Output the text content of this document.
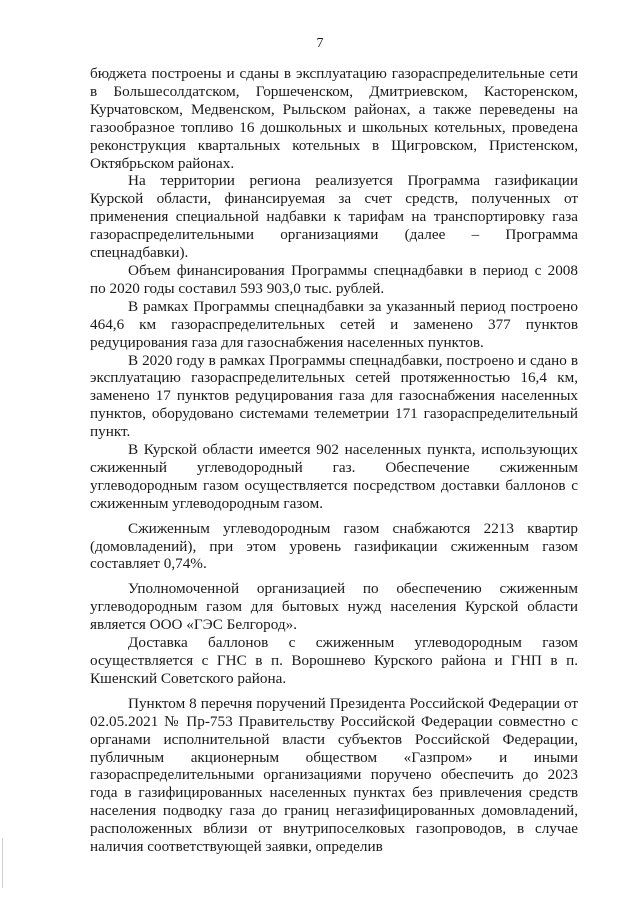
7

бюджета построены и сданы в эксплуатацию газораспределительные сети в Большесолдатском, Горшеченском, Дмитриевском, Касторенском, Курчатовском, Медвенском, Рыльском районах, а также переведены на газообразное топливо 16 дошкольных и школьных котельных, проведена реконструкция квартальных котельных в Щигровском, Пристенском, Октябрьском районах.

На территории региона реализуется Программа газификации Курской области, финансируемая за счет средств, полученных от применения специальной надбавки к тарифам на транспортировку газа газораспределительными организациями (далее – Программа спецнадбавки).

Объем финансирования Программы спецнадбавки в период с 2008 по 2020 годы составил 593 903,0 тыс. рублей.

В рамках Программы спецнадбавки за указанный период построено 464,6 км газораспределительных сетей и заменено 377 пунктов редуцирования газа для газоснабжения населенных пунктов.

В 2020 году в рамках Программы спецнадбавки, построено и сдано в эксплуатацию газораспределительных сетей протяженностью 16,4 км, заменено 17 пунктов редуцирования газа для газоснабжения населенных пунктов, оборудовано системами телеметрии 171 газораспределительный пункт.

В Курской области имеется 902 населенных пункта, использующих сжиженный углеводородный газ. Обеспечение сжиженным углеводородным газом осуществляется посредством доставки баллонов с сжиженным углеводородным газом.

Сжиженным углеводородным газом снабжаются 2213 квартир (домовладений), при этом уровень газификации сжиженным газом составляет 0,74%.

Уполномоченной организацией по обеспечению сжиженным углеводородным газом для бытовых нужд населения Курской области является ООО «ГЭС Белгород».

Доставка баллонов с сжиженным углеводородным газом осуществляется с ГНС в п. Ворошнево Курского района и ГНП в п. Кшенский Советского района.

Пунктом 8 перечня поручений Президента Российской Федерации от 02.05.2021 № Пр-753 Правительству Российской Федерации совместно с органами исполнительной власти субъектов Российской Федерации, публичным акционерным обществом «Газпром» и иными газораспределительными организациями поручено обеспечить до 2023 года в газифицированных населенных пунктах без привлечения средств населения подводку газа до границ негазифицированных домовладений, расположенных вблизи от внутрипоселковых газопроводов, в случае наличия соответствующей заявки, определив
